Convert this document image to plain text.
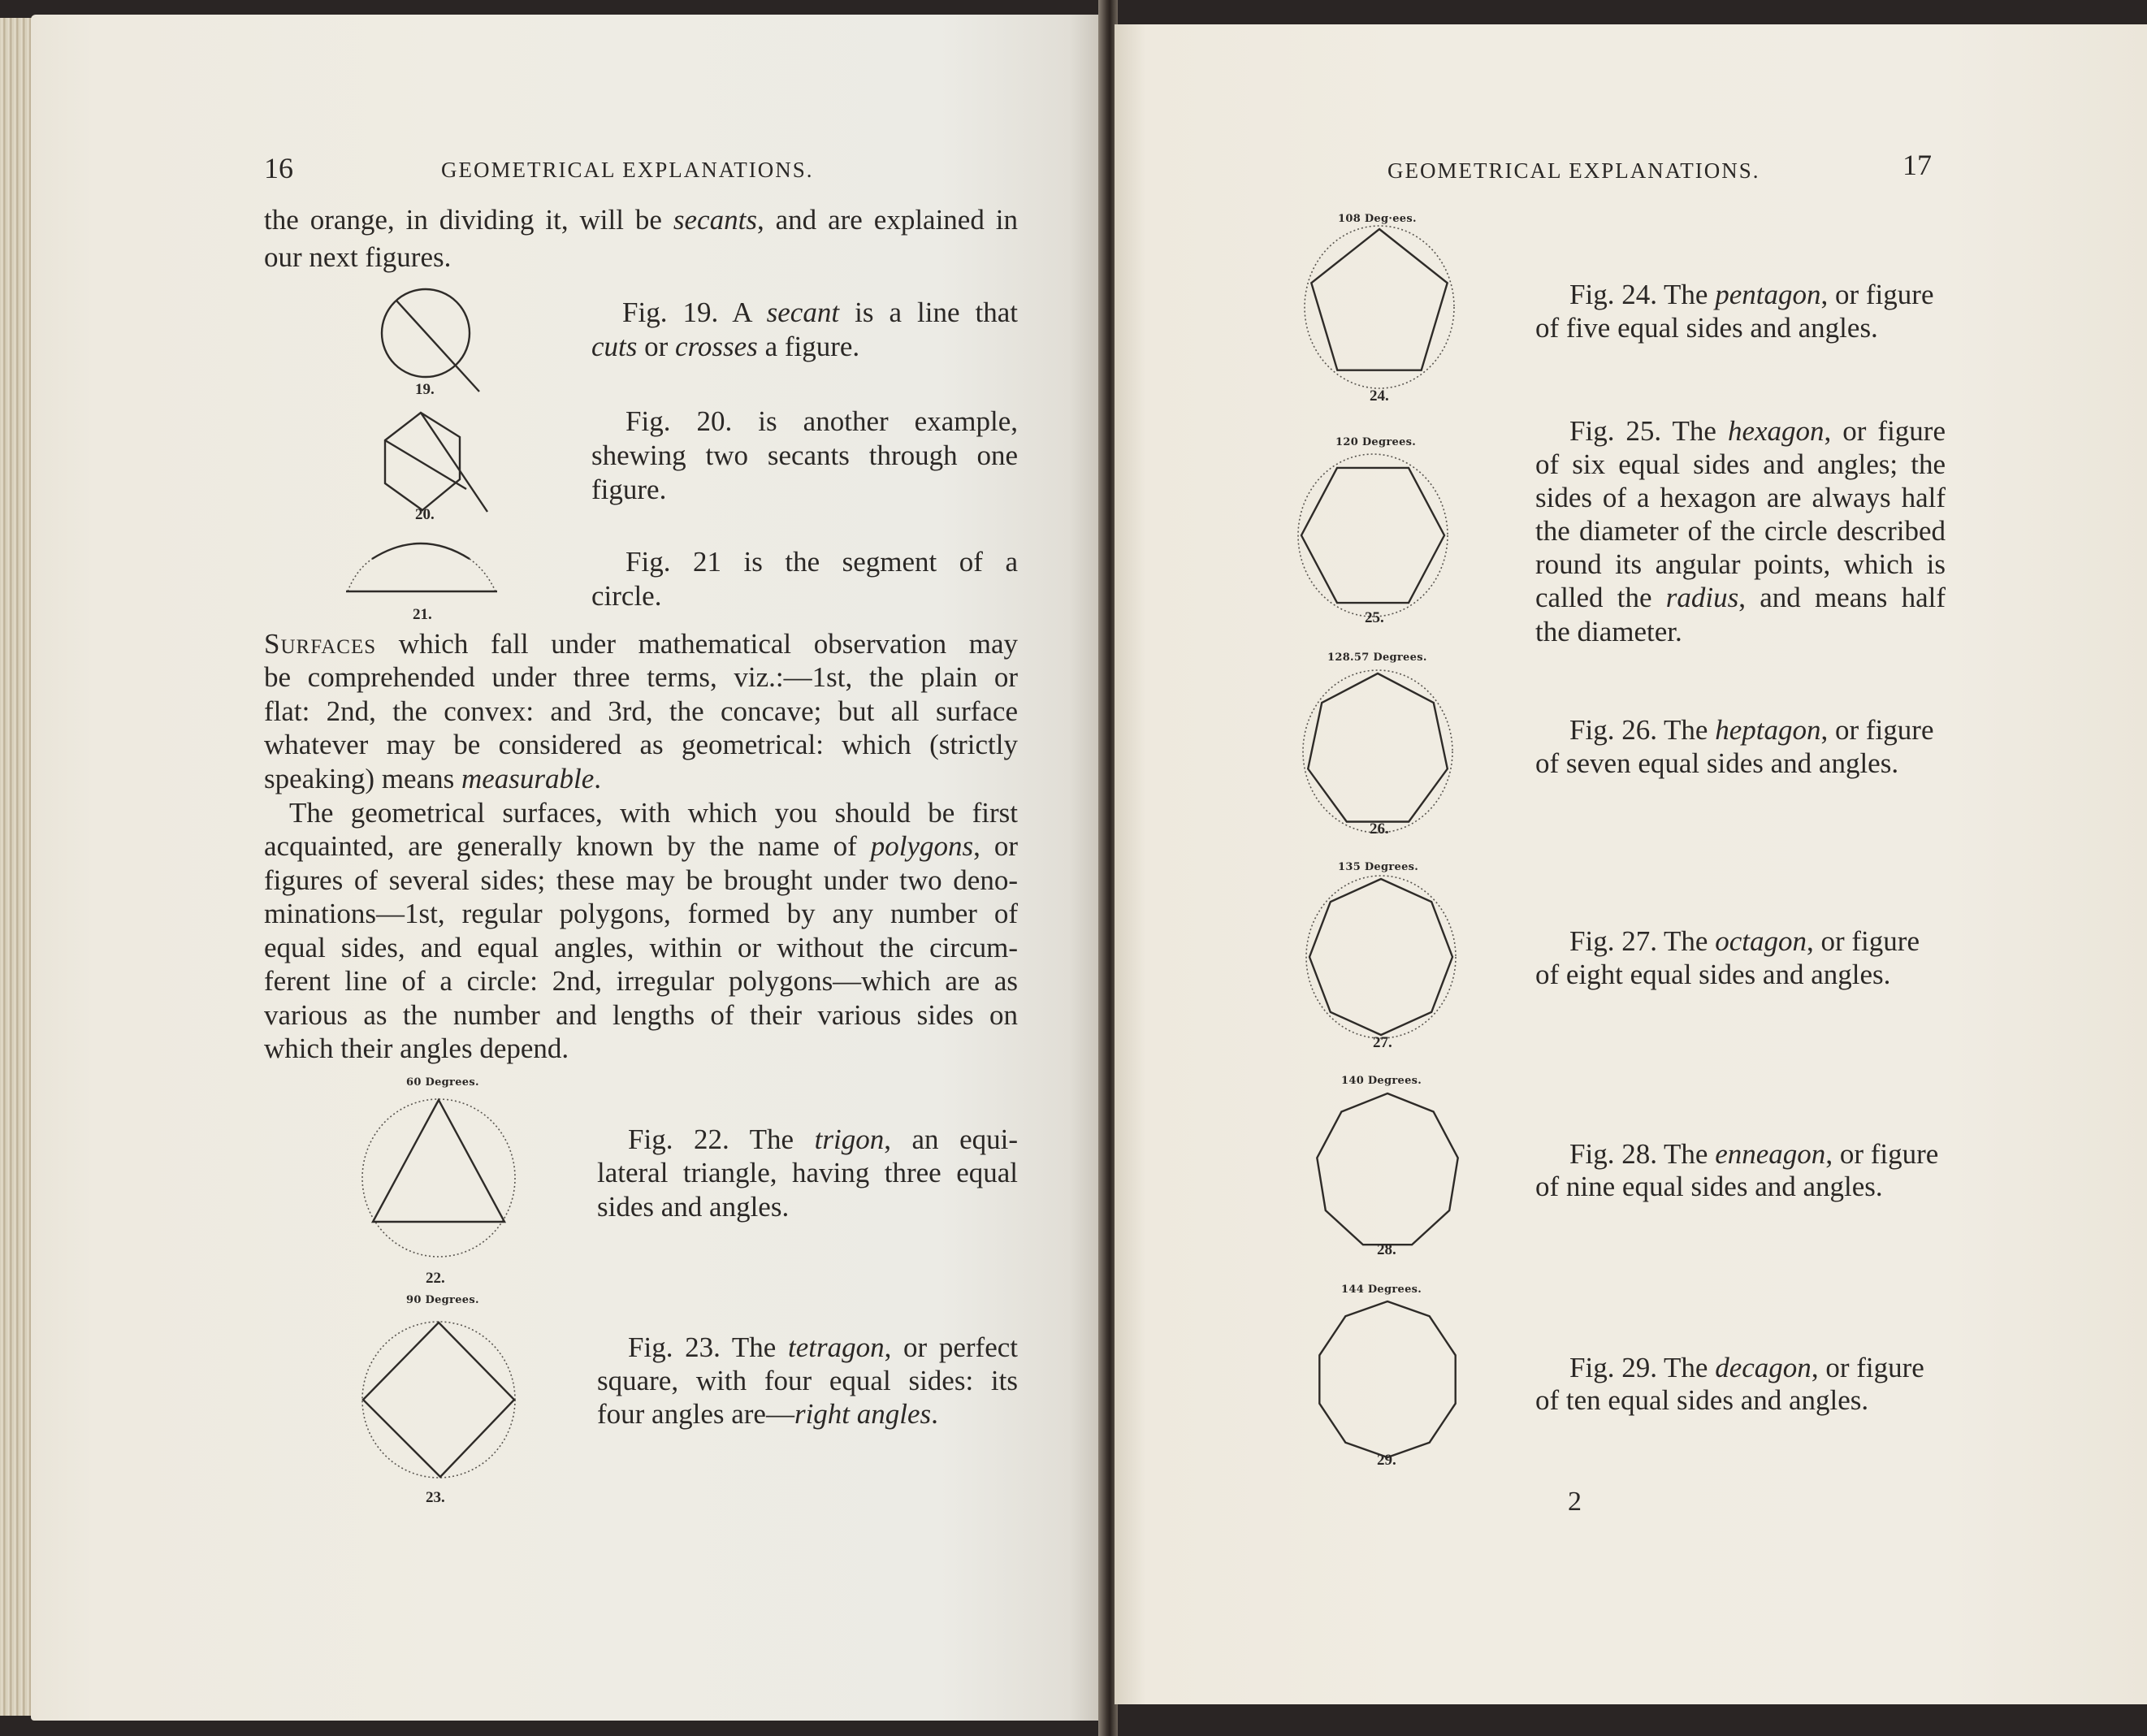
16	GEOMETRICAL EXPLANATIONS.
the orange, in dividing it, will be secants, and are explained in
our next figures.
19.
Fig. 19. A secant is a line that
cuts or crosses a figure.
20.
Fig. 20. is another example,
shewing two secants through one
figure.
21.
Fig. 21 is the segment of a
circle.
Surfaces which fall under mathematical observation may
be comprehended under three terms, viz.:—1st, the plain or
flat: 2nd, the convex: and 3rd, the concave; but all surface
whatever may be considered as geometrical: which (strictly
speaking) means measurable.
The geometrical surfaces, with which you should be first
acquainted, are generally known by the name of polygons, or
figures of several sides; these may be brought under two deno-
minations—1st, regular polygons, formed by any number of
equal sides, and equal angles, within or without the circum-
ferent line of a circle: 2nd, irregular polygons—which are as
various as the number and lengths of their various sides on
which their angles depend.
60 Degrees.
22.
Fig. 22. The trigon, an equi-
lateral triangle, having three equal
sides and angles.
90 Degrees.
23.
Fig. 23. The tetragon, or perfect
square, with four equal sides: its
four angles are—right angles.
GEOMETRICAL EXPLANATIONS.	17
108 Deg·ees.
24.
120 Degrees.
25.
128.57 Degrees.
26.
135 Degrees.
27.
140 Degrees.
28.
144 Degrees.
29.
Fig. 24. The pentagon, or figure
of five equal sides and angles.
Fig. 25. The hexagon, or figure
of six equal sides and angles; the
sides of a hexagon are always half
the diameter of the circle described
round its angular points, which is
called the radius, and means half
the diameter.
Fig. 26. The heptagon, or figure
of seven equal sides and angles.
Fig. 27. The octagon, or figure
of eight equal sides and angles.
Fig. 28. The enneagon, or figure
of nine equal sides and angles.
Fig. 29. The decagon, or figure
of ten equal sides and angles.
2
